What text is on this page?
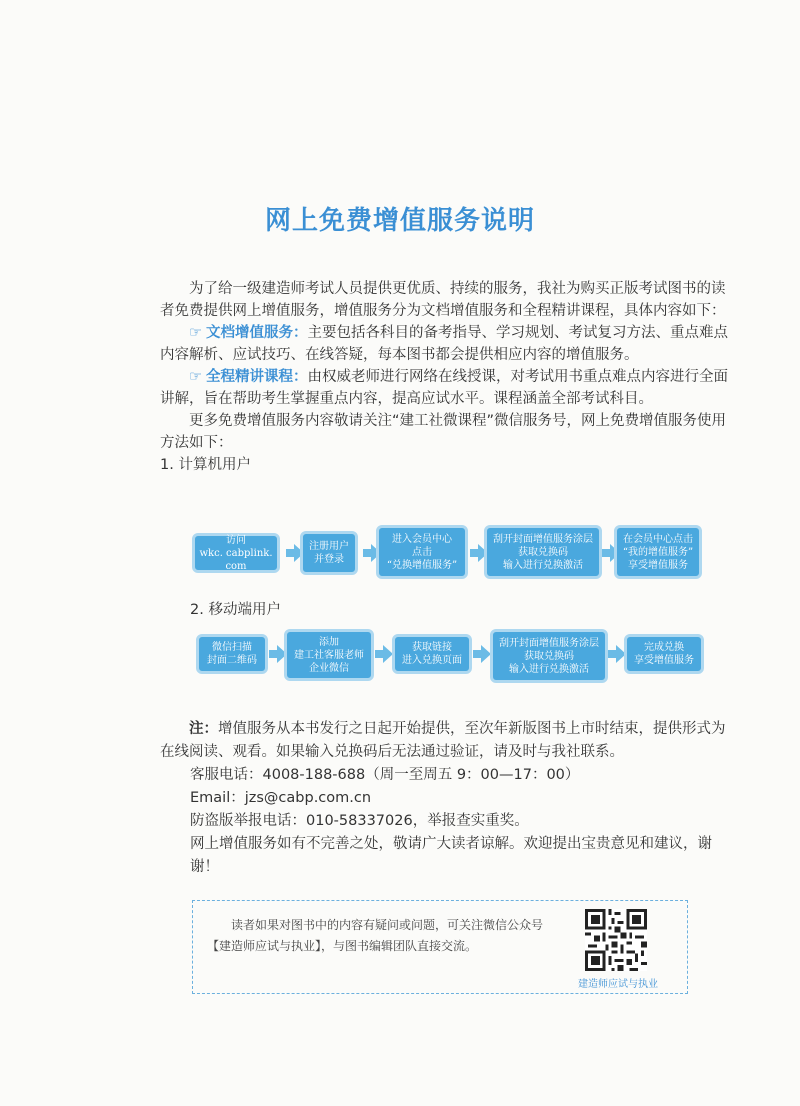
网上免费增值服务说明

为了给一级建造师考试人员提供更优质、持续的服务，我社为购买正版考试图书的读者免费提供网上增值服务，增值服务分为文档增值服务和全程精讲课程，具体内容如下：

☞ 文档增值服务：主要包括各科目的备考指导、学习规划、考试复习方法、重点难点内容解析、应试技巧、在线答疑，每本图书都会提供相应内容的增值服务。

☞ 全程精讲课程：由权威老师进行网络在线授课，对考试用书重点难点内容进行全面讲解，旨在帮助考生掌握重点内容，提高应试水平。课程涵盖全部考试科目。

更多免费增值服务内容敬请关注“建工社微课程”微信服务号，网上免费增值服务使用方法如下：

1. 计算机用户

访问
wkc. cabplink. com
注册用户
并登录
进入会员中心
点击
“兑换增值服务”
刮开封面增值服务涂层
获取兑换码
输入进行兑换激活
在会员中心点击
“我的增值服务”
享受增值服务
2. 移动端用户
微信扫描
封面二维码
添加
建工社客服老师
企业微信
获取链接
进入兑换页面
刮开封面增值服务涂层
获取兑换码
输入进行兑换激活
完成兑换
享受增值服务

注：增值服务从本书发行之日起开始提供，至次年新版图书上市时结束，提供形式为在线阅读、观看。如果输入兑换码后无法通过验证，请及时与我社联系。

客服电话：4008-188-688（周一至周五 9：00—17：00）

Email：jzs@cabp.com.cn

防盗版举报电话：010-58337026，举报查实重奖。

网上增值服务如有不完善之处，敬请广大读者谅解。欢迎提出宝贵意见和建议，谢谢！

读者如果对图书中的内容有疑问或问题，可关注微信公众号【建造师应试与执业】，与图书编辑团队直接交流。
建造师应试与执业
